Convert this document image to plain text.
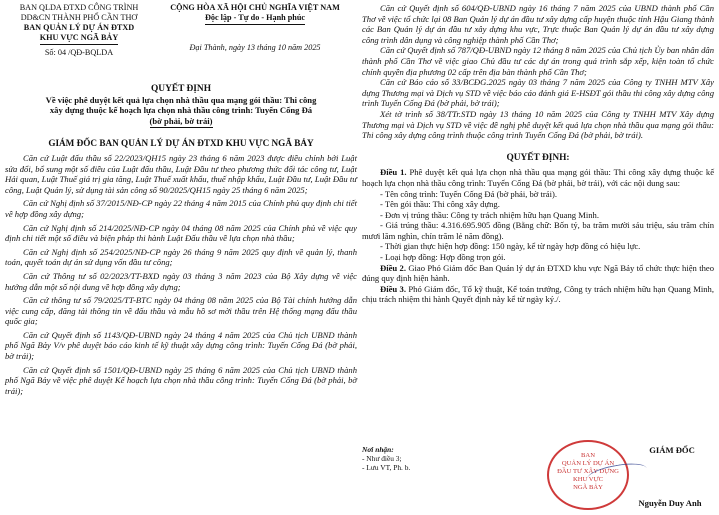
BAN QLDA ĐTXD CÔNG TRÌNH
DD&CN THÀNH PHỐ CẦN THƠ
BAN QUẢN LÝ DỰ ÁN ĐTXD
KHU VỰC NGÃ BẢY
Số: 04 /QĐ-BQLDA
CỘNG HÒA XÃ HỘI CHỦ NGHĨA VIỆT NAM
Độc lập - Tự do - Hạnh phúc
Đại Thành, ngày 13 tháng 10 năm 2025
QUYẾT ĐỊNH
Về việc phê duyệt kết quả lựa chọn nhà thầu qua mạng gói thầu: Thi công
xây dựng thuộc kế hoạch lựa chọn nhà thầu công trình: Tuyến Cống Đá
(bờ phải, bờ trái)
GIÁM ĐỐC BAN QUẢN LÝ DỰ ÁN ĐTXD KHU VỰC NGÃ BẢY

Căn cứ Luật đấu thầu số 22/2023/QH15 ngày 23 tháng 6 năm 2023 được điều chỉnh bởi Luật sửa đổi, bổ sung một số điều của Luật đấu thầu, Luật Đầu tư theo phương thức đối tác công tư, Luật Hải quan, Luật Thuế giá trị gia tăng, Luật Thuế xuất khẩu, thuế nhập khẩu, Luật Đầu tư, Luật Đầu tư công, Luật Quản lý, sử dụng tài sản công số 90/2025/QH15 ngày 25 tháng 6 năm 2025;

Căn cứ Nghị định số 37/2015/NĐ-CP ngày 22 tháng 4 năm 2015 của Chính phủ quy định chi tiết về hợp đồng xây dựng;

Căn cứ Nghị định số 214/2025/NĐ-CP ngày 04 tháng 08 năm 2025 của Chính phủ về việc quy định chi tiết một số điều và biện pháp thi hành Luật Đấu thầu về lựa chọn nhà thầu;

Căn cứ Nghị định số 254/2025/NĐ-CP ngày 26 tháng 9 năm 2025 quy định về quản lý, thanh toán, quyết toán dự án sử dụng vốn đầu tư công;

Căn cứ Thông tư số 02/2023/TT-BXD ngày 03 tháng 3 năm 2023 của Bộ Xây dựng về việc hướng dẫn một số nội dung về hợp đồng xây dựng;

Căn cứ thông tư số 79/2025/TT-BTC ngày 04 tháng 08 năm 2025 của Bộ Tài chính hướng dẫn việc cung cấp, đăng tải thông tin về đấu thầu và mẫu hồ sơ mời thầu trên Hệ thống mạng đấu thầu quốc gia;

Căn cứ Quyết định số 1143/QĐ-UBND ngày 24 tháng 4 năm 2025 của Chủ tịch UBND thành phố Ngã Bảy V/v phê duyệt báo cáo kinh tế kỹ thuật xây dựng công trình: Tuyến Cống Đá (bờ phải, bờ trái);

Căn cứ Quyết định số 1501/QĐ-UBND ngày 25 tháng 6 năm 2025 của Chủ tịch UBND thành phố Ngã Bảy về việc phê duyệt Kế hoạch lựa chọn nhà thầu công trình: Tuyến Cống Đá (bờ phải, bờ trái);

Căn cứ Quyết định số 604/QĐ-UBND ngày 16 tháng 7 năm 2025 của UBND thành phố Cần Thơ về việc tổ chức lại 08 Ban Quản lý dự án đầu tư xây dựng cấp huyện thuộc tỉnh Hậu Giang thành các Ban Quản lý dự án đầu tư xây dựng khu vực, Trực thuộc Ban Quản lý dự án đầu tư xây dựng công trình dân dụng và công nghiệp thành phố Cần Thơ;

Căn cứ Quyết định số 787/QĐ-UBND ngày 12 tháng 8 năm 2025 của Chủ tịch Ủy ban nhân dân thành phố Cần Thơ về việc giao Chủ đầu tư các dự án trong quá trình sắp xếp, kiện toàn tổ chức chính quyền địa phương 02 cấp trên địa bàn thành phố Cần Thơ;

Căn cứ Báo cáo số 33/BCĐG.2025 ngày 03 tháng 7 năm 2025 của Công ty TNHH MTV Xây dựng Thương mại và Dịch vụ STD về việc báo cáo đánh giá E-HSĐT gói thầu thi công xây dựng công trình Tuyến Cống Đá (bờ phải, bờ trái);

Xét tờ trình số 38/TTr.STD ngày 13 tháng 10 năm 2025 của Công ty TNHH MTV Xây dựng Thương mại và Dịch vụ STD về việc đề nghị phê duyệt kết quả lựa chọn nhà thầu qua mạng gói thầu: Thi công xây dựng công trình thuộc công trình Tuyến Cống Đá (bờ phải, bờ trái).

QUYẾT ĐỊNH:

Điều 1. Phê duyệt kết quả lựa chọn nhà thầu qua mạng gói thầu: Thi công xây dựng thuộc kế hoạch lựa chọn nhà thầu công trình: Tuyến Cống Đá (bờ phải, bờ trái), với các nội dung sau:

- Tên công trình: Tuyến Cống Đá (bờ phải, bờ trái).

- Tên gói thầu: Thi công xây dựng.

- Đơn vị trúng thầu: Công ty trách nhiệm hữu hạn Quang Minh.

- Giá trúng thầu: 4.316.695.905 đồng (Bằng chữ: Bốn tỷ, ba trăm mười sáu triệu, sáu trăm chín mươi lăm nghìn, chín trăm lẻ năm đồng).

- Thời gian thực hiện hợp đồng: 150 ngày, kể từ ngày hợp đồng có hiệu lực.

- Loại hợp đồng: Hợp đồng trọn gói.

Điều 2. Giao Phó Giám đốc Ban Quản lý dự án ĐTXD khu vực Ngã Bảy tổ chức thực hiện theo đúng quy định hiện hành.

Điều 3. Phó Giám đốc, Tổ kỹ thuật, Kế toán trưởng, Công ty trách nhiệm hữu hạn Quang Minh, chịu trách nhiệm thi hành Quyết định này kể từ ngày ký./.

Nơi nhận:
- Như điều 3;
- Lưu VT, Ph. b.
GIÁM ĐỐC
BAN
QUẢN LÝ DỰ ÁN
ĐẦU TƯ XÂY DỰNG
KHU VỰC
NGÃ BẢY
Nguyễn Duy Anh
